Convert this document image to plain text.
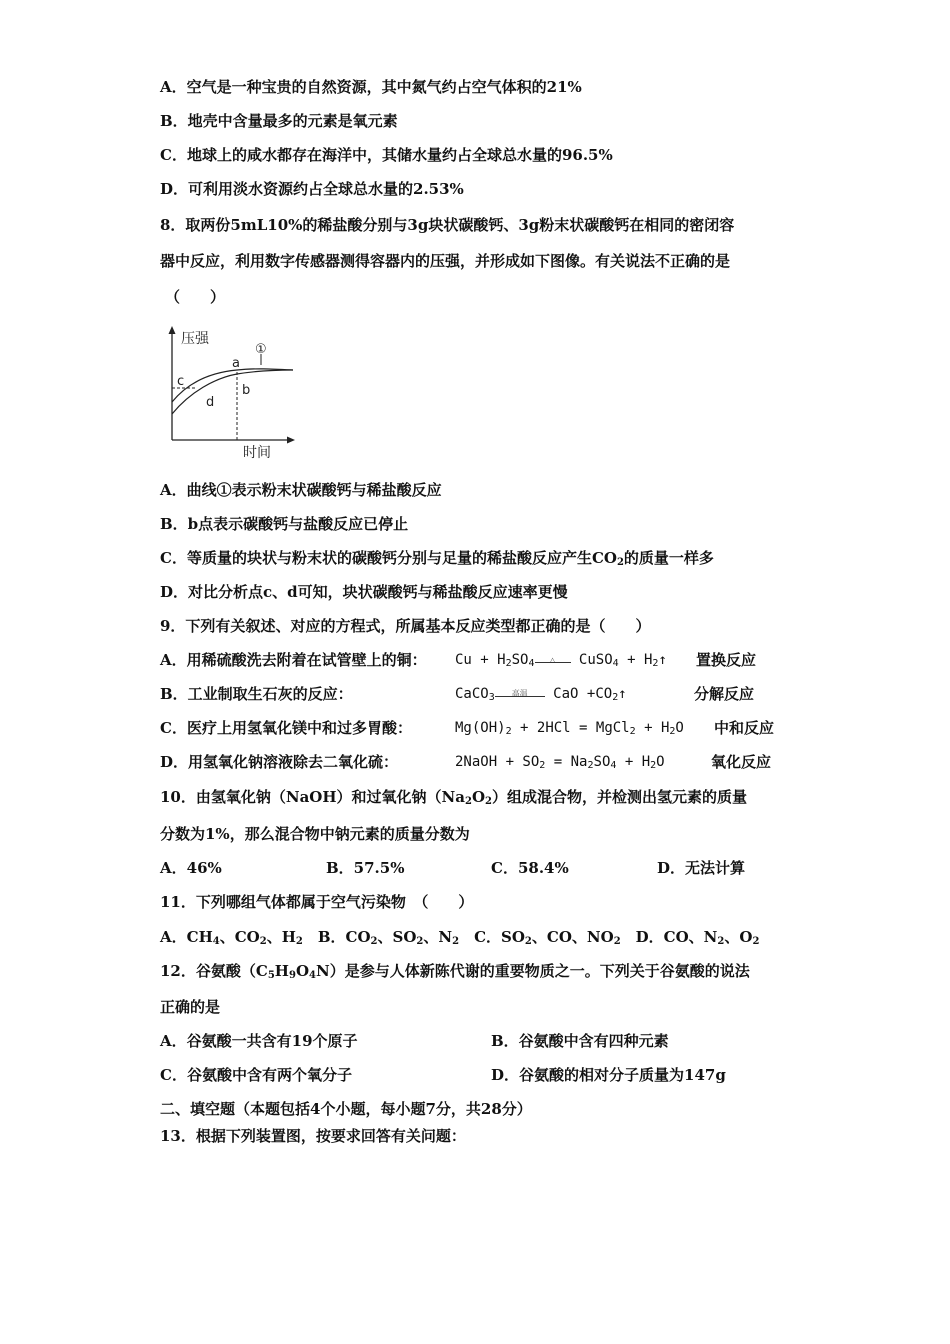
A．空气是一种宝贵的自然资源，其中氮气约占空气体积的21%
B．地壳中含量最多的元素是氧元素
C．地球上的咸水都存在海洋中，其储水量约占全球总水量的96.5%
D．可利用淡水资源约占全球总水量的2.53%
8．取两份5mL10%的稀盐酸分别与3g块状碳酸钙、3g粉末状碳酸钙在相同的密闭容
器中反应，利用数字传感器测得容器内的压强，并形成如下图像。有关说法不正确的是
（　　）
压强
时间
①
a
b
c
d
A．曲线①表示粉末状碳酸钙与稀盐酸反应
B．b点表示碳酸钙与盐酸反应已停止
C．等质量的块状与粉末状的碳酸钙分别与足量的稀盐酸反应产生$CO_2$的质量一样多
D．对比分析点c、d可知，块状碳酸钙与稀盐酸反应速率更慢
9．下列有关叙述、对应的方程式，所属基本反应类型都正确的是（　　）
A．用稀硫酸洗去附着在试管壁上的铜： $Cu + H_2SO_4$	△	CuSO$_4$ + $H_2↑$ 置换反应
B．工业制取生石灰的反应：	CaCO$_3$	高温	CaO $+CO_2↑$	分解反应
C．医疗上用氢氧化镁中和过多胃酸：	$Mg(OH)_2 + 2HCl$ = MgCl$_2$ + $H_2O$ 中和反应
D．用氢氧化钠溶液除去二氧化硫：	2NaOH + $SO_2 = Na_2SO_4 + H_2O$	氧化反应
10．由氢氧化钠（NaOH）和过氧化钠$(Na_2O_2)$组成混合物，并检测出氢元素的质量
分数为1%，那么混合物中钠元素的质量分数为
A．46%	B．57.5%	C．58.4%	D．无法计算
11．下列哪组气体都属于空气污染物　（　　）
A．$CH_4$、$CO_2$、$H_2$　B．$CO_2$、$SO_2$、$N_2$　C．$SO_2$、CO、$NO_2$　D．CO、$N_2$、$O_2$
12．谷氨酸$(C_5H_9O_4N)$是参与人体新陈代谢的重要物质之一。下列关于谷氨酸的说法
正确的是
A．谷氨酸一共含有19个原子	B．谷氨酸中含有四种元素
C．谷氨酸中含有两个氧分子	D．谷氨酸的相对分子质量为147g
二、填空题（本题包括4个小题，每小题7分，共28分）
13．根据下列装置图，按要求回答有关问题：
